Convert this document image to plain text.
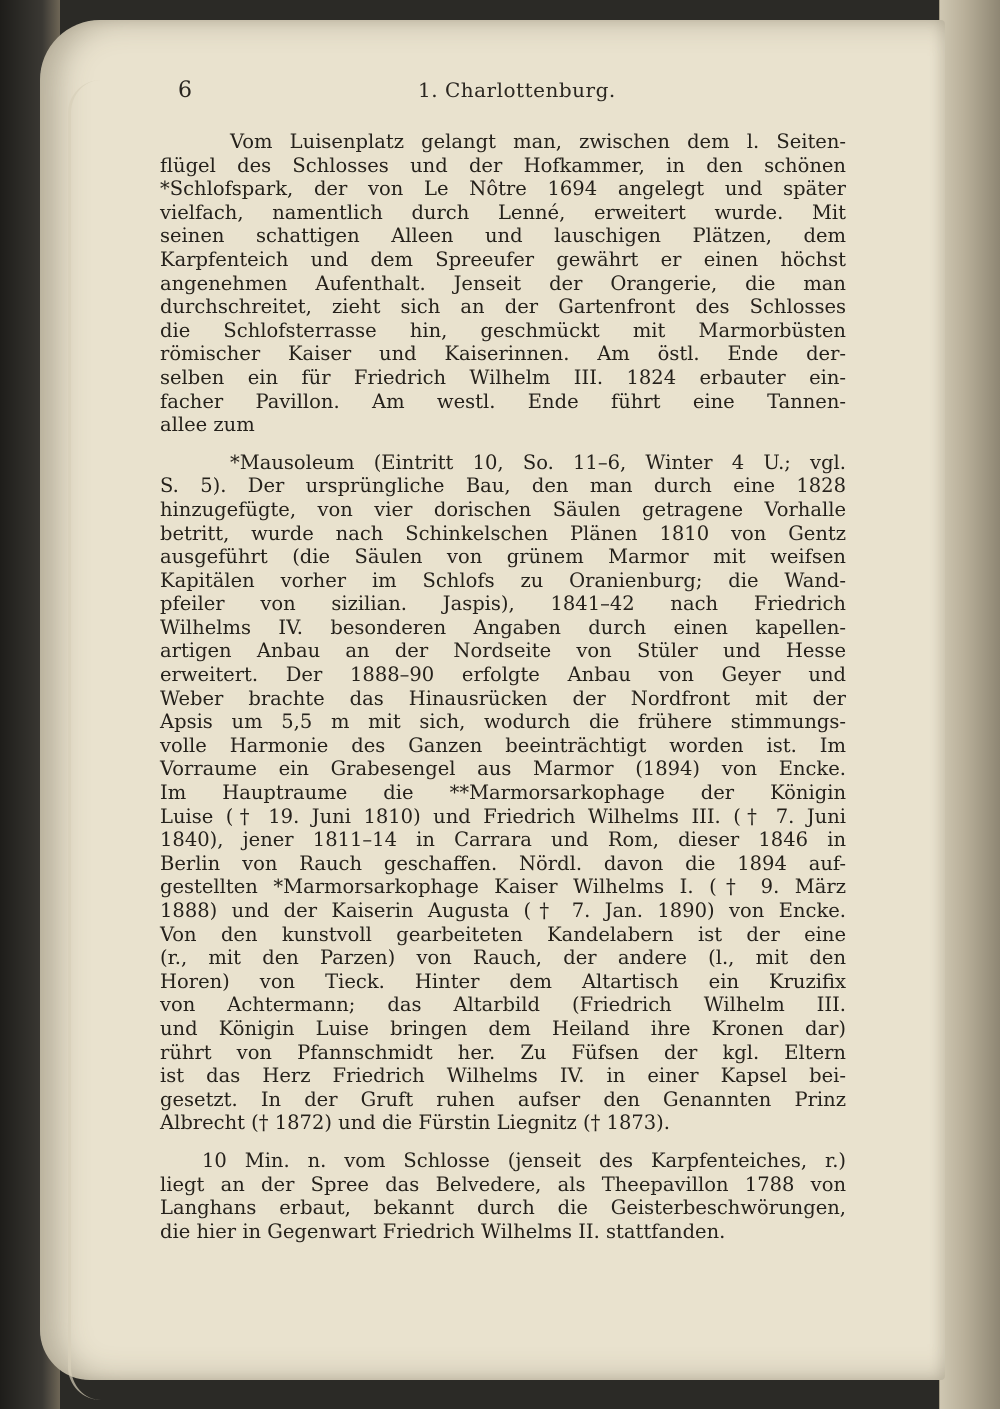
6	1. Charlottenburg.
Vom Luisenplatz gelangt man, zwischen dem l. Seiten-
flügel des Schlosses und der Hofkammer, in den schönen
*Schlofspark, der von Le Nôtre 1694 angelegt und später
vielfach, namentlich durch Lenné, erweitert wurde. Mit
seinen schattigen Alleen und lauschigen Plätzen, dem
Karpfenteich und dem Spreeufer gewährt er einen höchst
angenehmen Aufenthalt. Jenseit der Orangerie, die man
durchschreitet, zieht sich an der Gartenfront des Schlosses
die Schlofsterrasse hin, geschmückt mit Marmorbüsten
römischer Kaiser und Kaiserinnen. Am östl. Ende der-
selben ein für Friedrich Wilhelm III. 1824 erbauter ein-
facher Pavillon. Am westl. Ende führt eine Tannen-
allee zum
*Mausoleum (Eintritt 10, So. 11–6, Winter 4 U.; vgl.
S. 5). Der ursprüngliche Bau, den man durch eine 1828
hinzugefügte, von vier dorischen Säulen getragene Vorhalle
betritt, wurde nach Schinkelschen Plänen 1810 von Gentz
ausgeführt (die Säulen von grünem Marmor mit weifsen
Kapitälen vorher im Schlofs zu Oranienburg; die Wand-
pfeiler von sizilian. Jaspis), 1841–42 nach Friedrich
Wilhelms IV. besonderen Angaben durch einen kapellen-
artigen Anbau an der Nordseite von Stüler und Hesse
erweitert. Der 1888–90 erfolgte Anbau von Geyer und
Weber brachte das Hinausrücken der Nordfront mit der
Apsis um 5,5 m mit sich, wodurch die frühere stimmungs-
volle Harmonie des Ganzen beeinträchtigt worden ist. Im
Vorraume ein Grabesengel aus Marmor (1894) von Encke.
Im Hauptraume die **Marmorsarkophage der Königin
Luise († 19. Juni 1810) und Friedrich Wilhelms III. († 7. Juni
1840), jener 1811–14 in Carrara und Rom, dieser 1846 in
Berlin von Rauch geschaffen. Nördl. davon die 1894 auf-
gestellten *Marmorsarkophage Kaiser Wilhelms I. († 9. März
1888) und der Kaiserin Augusta († 7. Jan. 1890) von Encke.
Von den kunstvoll gearbeiteten Kandelabern ist der eine
(r., mit den Parzen) von Rauch, der andere (l., mit den
Horen) von Tieck. Hinter dem Altartisch ein Kruzifix
von Achtermann; das Altarbild (Friedrich Wilhelm III.
und Königin Luise bringen dem Heiland ihre Kronen dar)
rührt von Pfannschmidt her. Zu Füfsen der kgl. Eltern
ist das Herz Friedrich Wilhelms IV. in einer Kapsel bei-
gesetzt. In der Gruft ruhen aufser den Genannten Prinz
Albrecht († 1872) und die Fürstin Liegnitz († 1873).
10 Min. n. vom Schlosse (jenseit des Karpfenteiches, r.)
liegt an der Spree das Belvedere, als Theepavillon 1788 von
Langhans erbaut, bekannt durch die Geisterbeschwörungen,
die hier in Gegenwart Friedrich Wilhelms II. stattfanden.
